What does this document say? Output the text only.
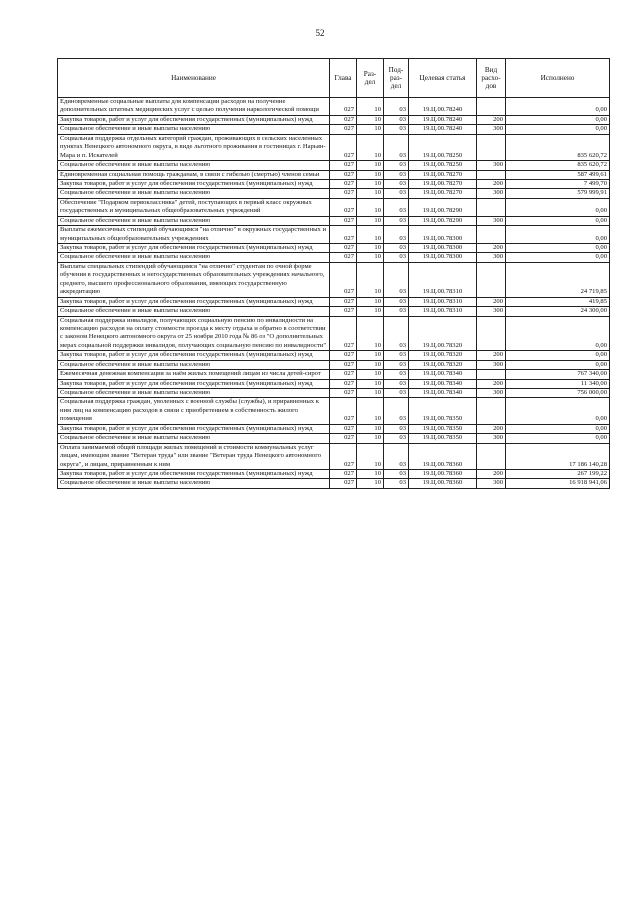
52
Наименование	Глава	Раз-
дел	Под-
раз-
дел	Целевая статья	Вид
расхо-
дов	Исполнено
Единовременные социальные выплаты для компенсации расходов на получение дополнительных штатных медицинских услуг с целью получения наркологической помощи	027	10	03	19.Ц.00.78240		0,00
Закупка товаров, работ и услуг для обеспечения государственных (муниципальных) нужд	027	10	03	19.Ц.00.78240	200	0,00
Социальное обеспечение и иные выплаты населению	027	10	03	19.Ц.00.78240	300	0,00
Социальная поддержка отдельных категорий граждан, проживающих в сельских населенных пунктах Ненецкого автономного округа, в виде льготного проживания в гостиницах г. Нарьян-Мара и п. Искателей	027	10	03	19.Ц.00.78250		835 620,72
Социальное обеспечение и иные выплаты населению	027	10	03	19.Ц.00.78250	300	835 620,72
Единовременная социальная помощь гражданам, в связи с гибелью (смертью) членов семьи	027	10	03	19.Ц.00.78270		587 499,61
Закупка товаров, работ и услуг для обеспечения государственных (муниципальных) нужд	027	10	03	19.Ц.00.78270	200	7 499,70
Социальное обеспечение и иные выплаты населению	027	10	03	19.Ц.00.78270	300	579 999,91
Обеспечение "Подарком первоклассника" детей, поступающих в первый класс окружных государственных и муниципальных общеобразовательных учреждений	027	10	03	19.Ц.00.78290		0,00
Социальное обеспечение и иные выплаты населению	027	10	03	19.Ц.00.78290	300	0,00
Выплаты ежемесячных стипендий обучающимся "на отлично" в окружных государственных и муниципальных общеобразовательных учреждениях	027	10	03	19.Ц.00.78300		0,00
Закупка товаров, работ и услуг для обеспечения государственных (муниципальных) нужд	027	10	03	19.Ц.00.78300	200	0,00
Социальное обеспечение и иные выплаты населению	027	10	03	19.Ц.00.78300	300	0,00
Выплаты специальных стипендий обучающимся "на отлично" студентам по очной форме обучения в государственных и негосударственных образовательных учреждениях начального, среднего, высшего профессионального образования, имеющих государственную аккредитацию	027	10	03	19.Ц.00.78310		24 719,85
Закупка товаров, работ и услуг для обеспечения государственных (муниципальных) нужд	027	10	03	19.Ц.00.78310	200	419,85
Социальное обеспечение и иные выплаты населению	027	10	03	19.Ц.00.78310	300	24 300,00
Социальная поддержка инвалидов, получающих социальную пенсию по инвалидности на компенсацию расходов на оплату стоимости проезда к месту отдыха и обратно в соответствии с законом Ненецкого автономного округа от 25 ноября 2010 года № 86 оз "О дополнительных мерах социальной поддержки инвалидов, получающих социальную пенсию по инвалидности"	027	10	03	19.Ц.00.78320		0,00
Закупка товаров, работ и услуг для обеспечения государственных (муниципальных) нужд	027	10	03	19.Ц.00.78320	200	0,00
Социальное обеспечение и иные выплаты населению	027	10	03	19.Ц.00.78320	300	0,00
Ежемесячная денежная компенсация за наём жилых помещений лицам из числа детей-сирот	027	10	03	19.Ц.00.78340		767 340,00
Закупка товаров, работ и услуг для обеспечения государственных (муниципальных) нужд	027	10	03	19.Ц.00.78340	200	11 340,00
Социальное обеспечение и иные выплаты населению	027	10	03	19.Ц.00.78340	300	756 000,00
Социальная поддержка граждан, уволенных с военной службы (службы), и приравненных к ним лиц на компенсацию расходов в связи с приобретением в собственность жилого помещения	027	10	03	19.Ц.00.78350		0,00
Закупка товаров, работ и услуг для обеспечения государственных (муниципальных) нужд	027	10	03	19.Ц.00.78350	200	0,00
Социальное обеспечение и иные выплаты населению	027	10	03	19.Ц.00.78350	300	0,00
Оплата занимаемой общей площади жилых помещений и стоимости коммунальных услуг лицам, имеющим звание "Ветеран труда" или звание "Ветеран труда Ненецкого автономного округа", и лицам, приравненным к ним	027	10	03	19.Ц.00.78360		17 186 140,28
Закупка товаров, работ и услуг для обеспечения государственных (муниципальных) нужд	027	10	03	19.Ц.00.78360	200	267 199,22
Социальное обеспечение и иные выплаты населению	027	10	03	19.Ц.00.78360	300	16 918 941,06
